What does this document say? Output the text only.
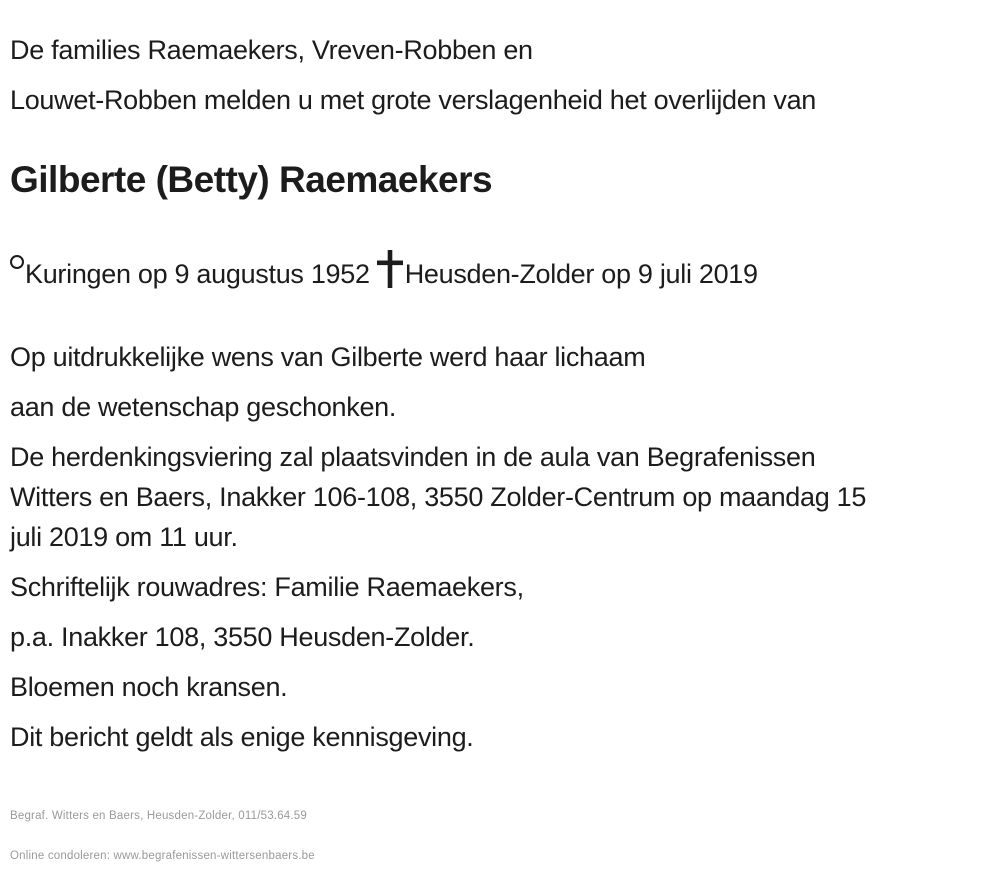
De families Raemaekers, Vreven-Robben en

Louwet-Robben melden u met grote verslagenheid het overlijden van

Gilberte (Betty) Raemaekers
Kuringen op 9 augustus 1952 Heusden-Zolder op 9 juli 2019

Op uitdrukkelijke wens van Gilberte werd haar lichaam

aan de wetenschap geschonken.

De herdenkingsviering zal plaatsvinden in de aula van Begrafenissen
Witters en Baers, Inakker 106-108, 3550 Zolder-Centrum op maandag 15
juli 2019 om 11 uur.

Schriftelijk rouwadres: Familie Raemaekers,

p.a. Inakker 108, 3550 Heusden-Zolder.

Bloemen noch kransen.

Dit bericht geldt als enige kennisgeving.

Begraf. Witters en Baers, Heusden-Zolder, 011/53.64.59
Online condoleren: www.begrafenissen-wittersenbaers.be
